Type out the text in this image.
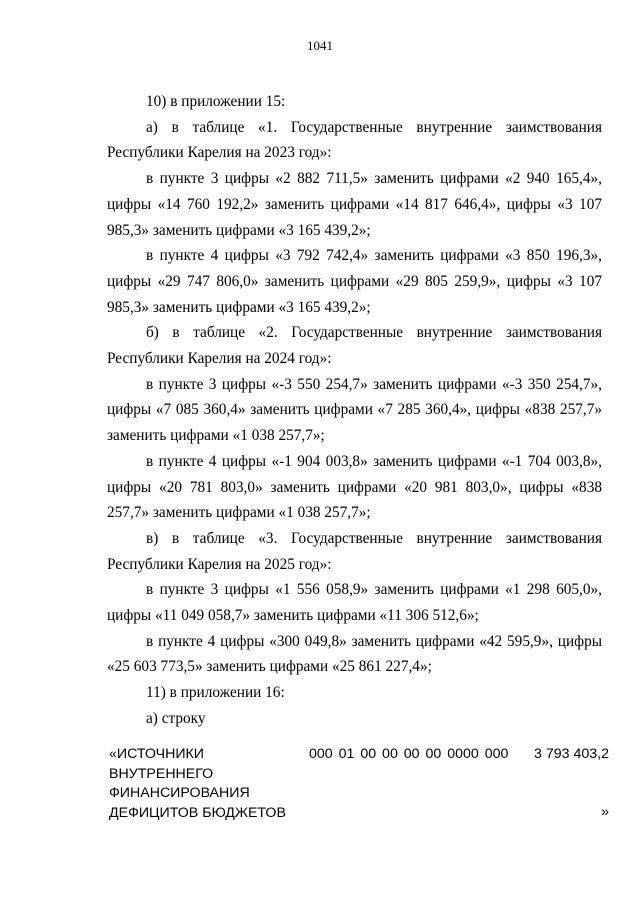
1041

10) в приложении 15:

а) в таблице «1. Государственные внутренние заимствования Республики Карелия на 2023 год»:

в пункте 3 цифры «2 882 711,5» заменить цифрами «2 940 165,4», цифры «14 760 192,2» заменить цифрами «14 817 646,4», цифры «3 107 985,3» заменить цифрами «3 165 439,2»;

в пункте 4 цифры «3 792 742,4» заменить цифрами «3 850 196,3», цифры «29 747 806,0» заменить цифрами «29 805 259,9», цифры «3 107 985,3» заменить цифрами «3 165 439,2»;

б) в таблице «2. Государственные внутренние заимствования Республики Карелия на 2024 год»:

в пункте 3 цифры «-3 550 254,7» заменить цифрами «-3 350 254,7», цифры «7 085 360,4» заменить цифрами «7 285 360,4», цифры «838 257,7» заменить цифрами «1 038 257,7»;

в пункте 4 цифры «-1 904 003,8» заменить цифрами «-1 704 003,8», цифры «20 781 803,0» заменить цифрами «20 981 803,0», цифры «838 257,7» заменить цифрами «1 038 257,7»;

в) в таблице «3. Государственные внутренние заимствования Республики Карелия на 2025 год»:

в пункте 3 цифры «1 556 058,9» заменить цифрами «1 298 605,0», цифры «11 049 058,7» заменить цифрами «11 306 512,6»;

в пункте 4 цифры «300 049,8» заменить цифрами «42 595,9», цифры «25 603 773,5» заменить цифрами «25 861 227,4»;

11) в приложении 16:

а) строку

«ИСТОЧНИКИ
ВНУТРЕННЕГО
ФИНАНСИРОВАНИЯ
ДЕФИЦИТОВ БЮДЖЕТОВ
000 01 00 00 00 00 0000 000 3 793 403,2
»
